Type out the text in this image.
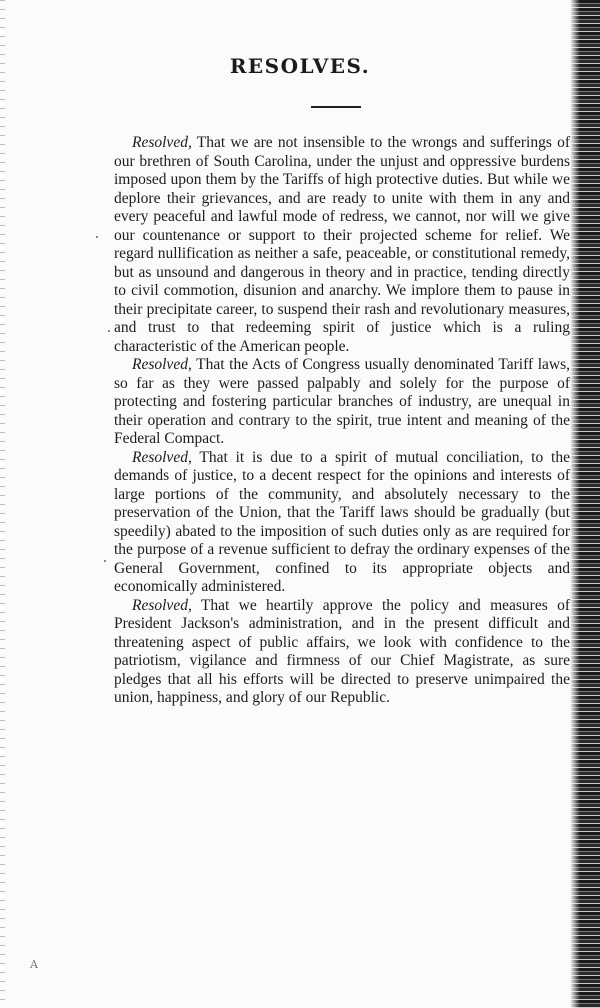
RESOLVES.

Resolved, That we are not insensible to the wrongs and sufferings of our brethren of South Carolina, under the unjust and oppressive burdens imposed upon them by the Tariffs of high protective duties. But while we deplore their grievances, and are ready to unite with them in any and every peaceful and lawful mode of redress, we cannot, nor will we give our countenance or support to their projected scheme for relief. We regard nullification as neither a safe, peaceable, or constitutional remedy, but as unsound and dangerous in theory and in practice, tending directly to civil commotion, disunion and anarchy. We implore them to pause in their precipitate career, to suspend their rash and revolutionary measures, and trust to that redeeming spirit of justice which is a ruling characteristic of the American people.

Resolved, That the Acts of Congress usually denominated Tariff laws, so far as they were passed palpably and solely for the purpose of protecting and fostering particular branches of industry, are unequal in their operation and contrary to the spirit, true intent and meaning of the Federal Compact.

Resolved, That it is due to a spirit of mutual conciliation, to the demands of justice, to a decent respect for the opinions and interests of large portions of the community, and absolutely necessary to the preservation of the Union, that the Tariff laws should be gradually (but speedily) abated to the imposition of such duties only as are required for the purpose of a revenue sufficient to defray the ordinary expenses of the General Government, confined to its appropriate objects and economically administered.

Resolved, That we heartily approve the policy and measures of President Jackson's administration, and in the present difficult and threatening aspect of public affairs, we look with confidence to the patriotism, vigilance and firmness of our Chief Magistrate, as sure pledges that all his efforts will be directed to preserve unimpaired the union, happiness, and glory of our Republic.

A
